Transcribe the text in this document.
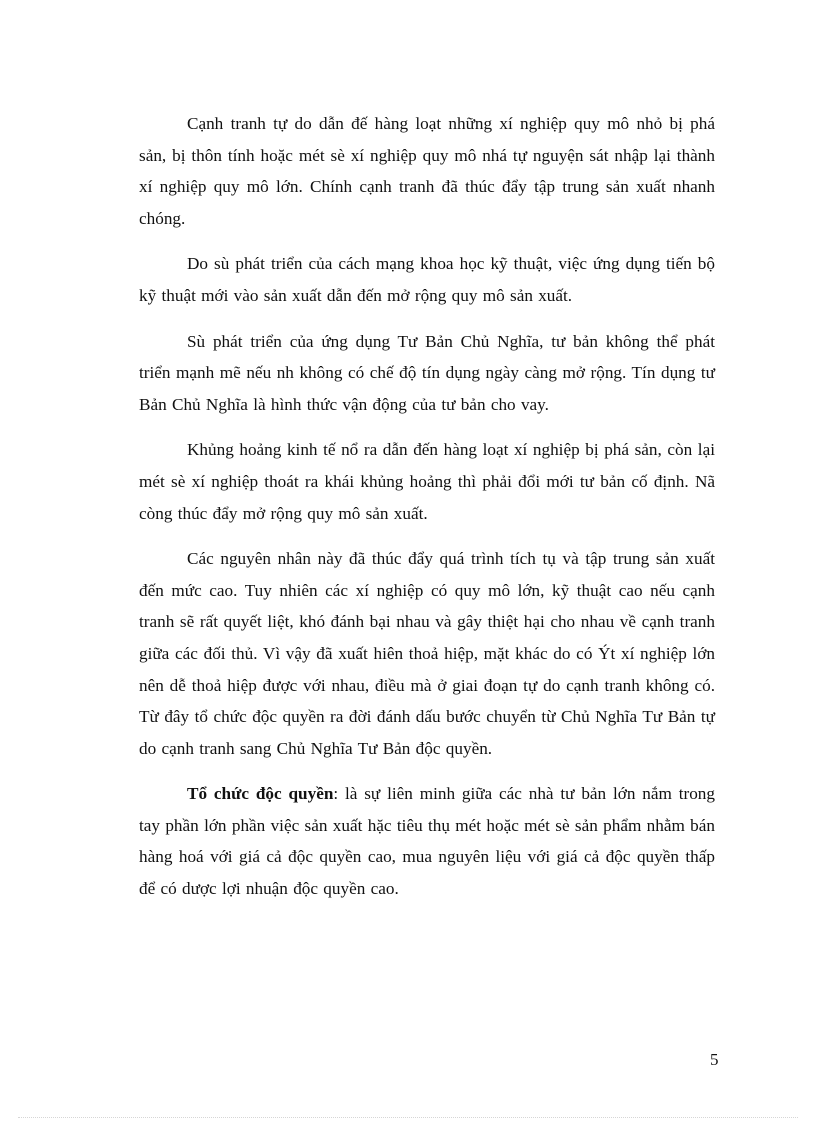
Cạnh tranh tự do dẫn đế hàng loạt những xí nghiệp quy mô nhỏ bị phá sản, bị thôn tính hoặc mét sè xí nghiệp quy mô nhá tự nguyện sát nhập lại thành xí nghiệp quy mô lớn. Chính cạnh tranh đã thúc đẩy tập trung sản xuất nhanh chóng.

Do sù phát triển của cách mạng khoa học kỹ thuật, việc ứng dụng tiến bộ kỹ thuật mới vào sản xuất dẫn đến mở rộng quy mô sản xuất.

Sù phát triển của ứng dụng Tư Bản Chủ Nghĩa, tư bản không thể phát triển mạnh mẽ nếu nh không có chế độ tín dụng ngày càng mở rộng. Tín dụng tư Bản Chủ Nghĩa là hình thức vận động của tư bản cho vay.

Khủng hoảng kinh tế nổ ra dẫn đến hàng loạt xí nghiệp bị phá sản, còn lại mét sè xí nghiệp thoát ra khái khủng hoảng thì phải đổi mới tư bản cố định. Nã còng thúc đẩy mở rộng quy mô sản xuất.

Các nguyên nhân này đã thúc đẩy quá trình tích tụ và tập trung sản xuất đến mức cao. Tuy nhiên các xí nghiệp có quy mô lớn, kỹ thuật cao nếu cạnh tranh sẽ rất quyết liệt, khó đánh bại nhau và gây thiệt hại cho nhau về cạnh tranh giữa các đối thủ. Vì vậy đã xuất hiên thoả hiệp, mặt khác do có Ýt xí nghiệp lớn nên dễ thoả hiệp được với nhau, điều mà ở giai đoạn tự do cạnh tranh không có. Từ đây tổ chức độc quyền ra đời đánh dấu bước chuyển từ Chủ Nghĩa Tư Bản tự do cạnh tranh sang Chủ Nghĩa Tư Bản độc quyền.

Tổ chức độc quyền: là sự liên minh giữa các nhà tư bản lớn nắm trong tay phần lớn phần việc sản xuất hặc tiêu thụ mét hoặc mét sè sản phẩm nhằm bán hàng hoá với giá cả độc quyền cao, mua nguyên liệu với giá cả độc quyền thấp để có dược lợi nhuận độc quyền cao.

5
